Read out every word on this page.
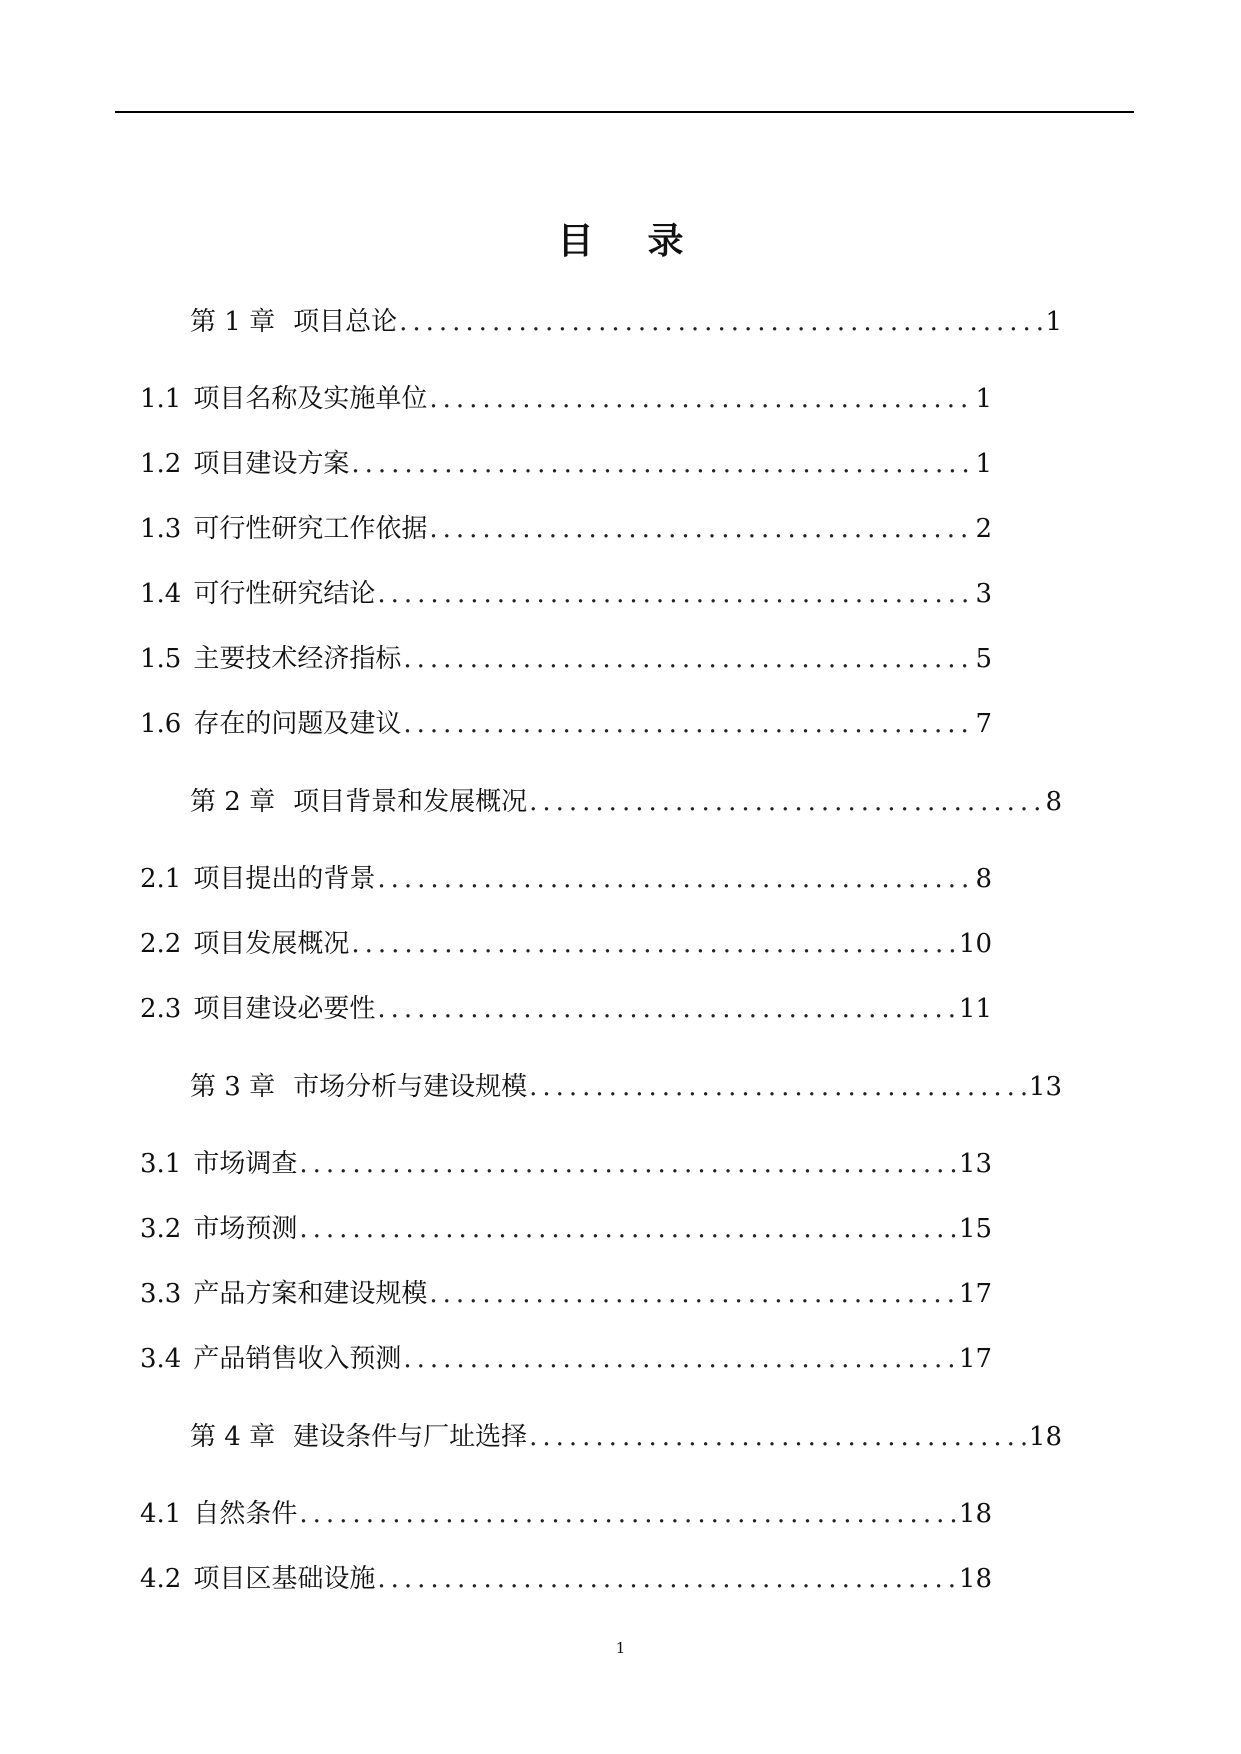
目录
第 1 章 项目总论 .....	1
1.1 项目名称及实施单位 .....	1
1.2 项目建设方案 .....	1
1.3 可行性研究工作依据 .....	2
1.4 可行性研究结论 .....	3
1.5 主要技术经济指标 .....	5
1.6 存在的问题及建议 .....	7
第 2 章 项目背景和发展概况 .....	8
2.1 项目提出的背景 .....	8
2.2 项目发展概况 .....	10
2.3 项目建设必要性 .....	11
第 3 章 市场分析与建设规模 .....	13
3.1 市场调查 .....	13
3.2 市场预测 .....	15
3.3 产品方案和建设规模 .....	17
3.4 产品销售收入预测 .....	17
第 4 章 建设条件与厂址选择 .....	18
4.1 自然条件 .....	18
4.2 项目区基础设施 .....	18
1
